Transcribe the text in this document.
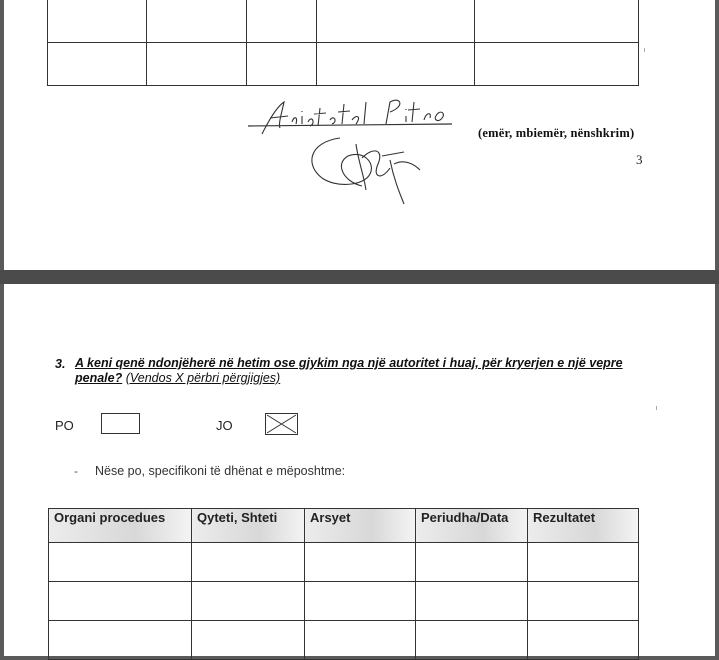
(emër, mbiemër, nënshkrim)
3
3. A keni qenë ndonjëherë në hetim ose gjykim nga një autoritet i huaj, për kryerjen e një vepre penale? (Vendos X përbri përgjigjes)
PO	JO
- Nëse po, specifikoni të dhënat e mëposhtme:
Organi procedues	Qyteti, Shteti	Arsyet	Periudha/Data	Rezultatet
